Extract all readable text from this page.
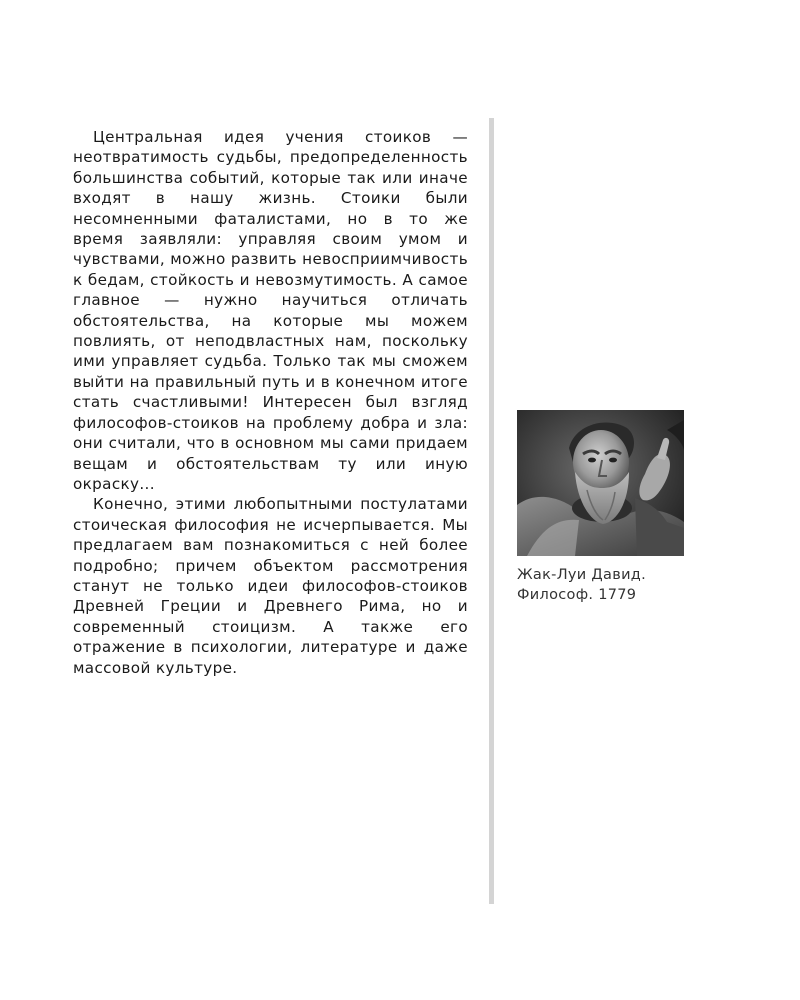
Центральная идея учения стоиков — неотвратимость судьбы, предопределенность большинства событий, которые так или иначе входят в нашу жизнь. Стоики были несомненными фаталистами, но в то же время заявляли: управляя своим умом и чувствами, можно развить невосприимчивость к бедам, стойкость и невозмутимость. А самое главное — нужно научиться отличать обстоятельства, на которые мы можем повлиять, от неподвластных нам, поскольку ими управляет судьба. Только так мы сможем выйти на правильный путь и в конечном итоге стать счастливыми! Интересен был взгляд философов-стоиков на проблему добра и зла: они считали, что в основном мы сами придаем вещам и обстоятельствам ту или иную окраску...

Конечно, этими любопытными постулатами стоическая философия не исчерпывается. Мы предлагаем вам познакомиться с ней более подробно; причем объектом рассмотрения станут не только идеи философов-стоиков Древней Греции и Древнего Рима, но и современный стоицизм. А также его отражение в психологии, литературе и даже массовой культуре.

Жак-Луи Давид.
Философ. 1779
